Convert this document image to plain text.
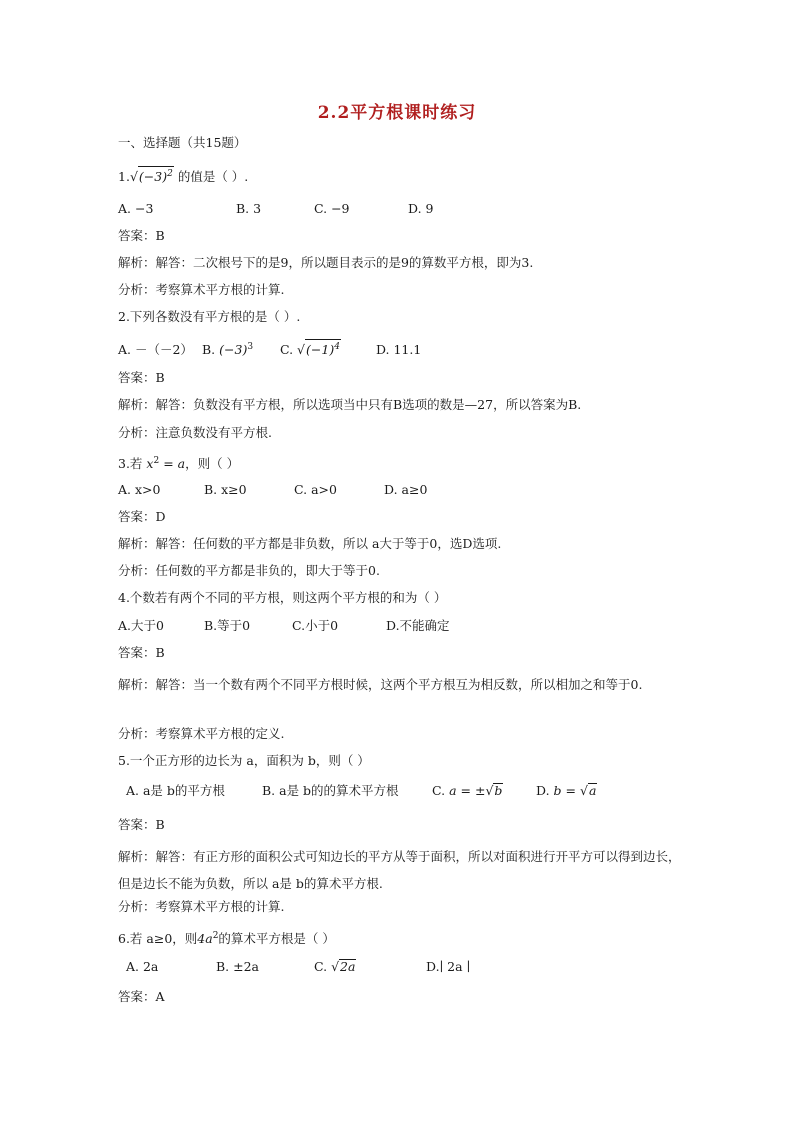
2.2平方根课时练习
一、选择题（共15题）
$1.√(-3)^2$ 的值是（ ）.
A. −3	B. 3	C. −9	D. 9
答案：B
解析：解答：二次根号下的是9，所以题目表示的是9的算数平方根，即为3.
分析：考察算术平方根的计算.
2.下列各数没有平方根的是（ ）.
A. －（－2） B. $(-3)^3$ C. $√(-1)^4$	D. 11.1
答案：B
解析：解答：负数没有平方根，所以选项当中只有B选项的数是—27，所以答案为B.
分析：注意负数没有平方根.
3.若 $x^2 = a$，则（ ）
A. x>0	B. x≥0	C. a>0	D. a≥0
答案：D
解析：解答：任何数的平方都是非负数，所以 a大于等于0，选D选项.
分析：任何数的平方都是非负的，即大于等于0.
4.个数若有两个不同的平方根，则这两个平方根的和为（ ）
A.大于0	B.等于0	C.小于0	D.不能确定
答案：B
解析：解答：当一个数有两个不同平方根时候，这两个平方根互为相反数，所以相加之和等于0.
分析：考察算术平方根的定义.
5.一个正方形的边长为 a，面积为 b，则（ ）
A. a是 b的平方根	B. a是 b的的算术平方根	C. a = ±√b	D. b = √a
答案：B
解析：解答：有正方形的面积公式可知边长的平方从等于面积，所以对面积进行开平方可以得到边长，但是边长不能为负数，所以 a是 b的算术平方根.
分析：考察算术平方根的计算.
6.若 a≥0，则$4a^2$的算术平方根是（ ）
A. 2a	B. ±2a	C. √2a	D.∣ 2a ∣
答案：A
